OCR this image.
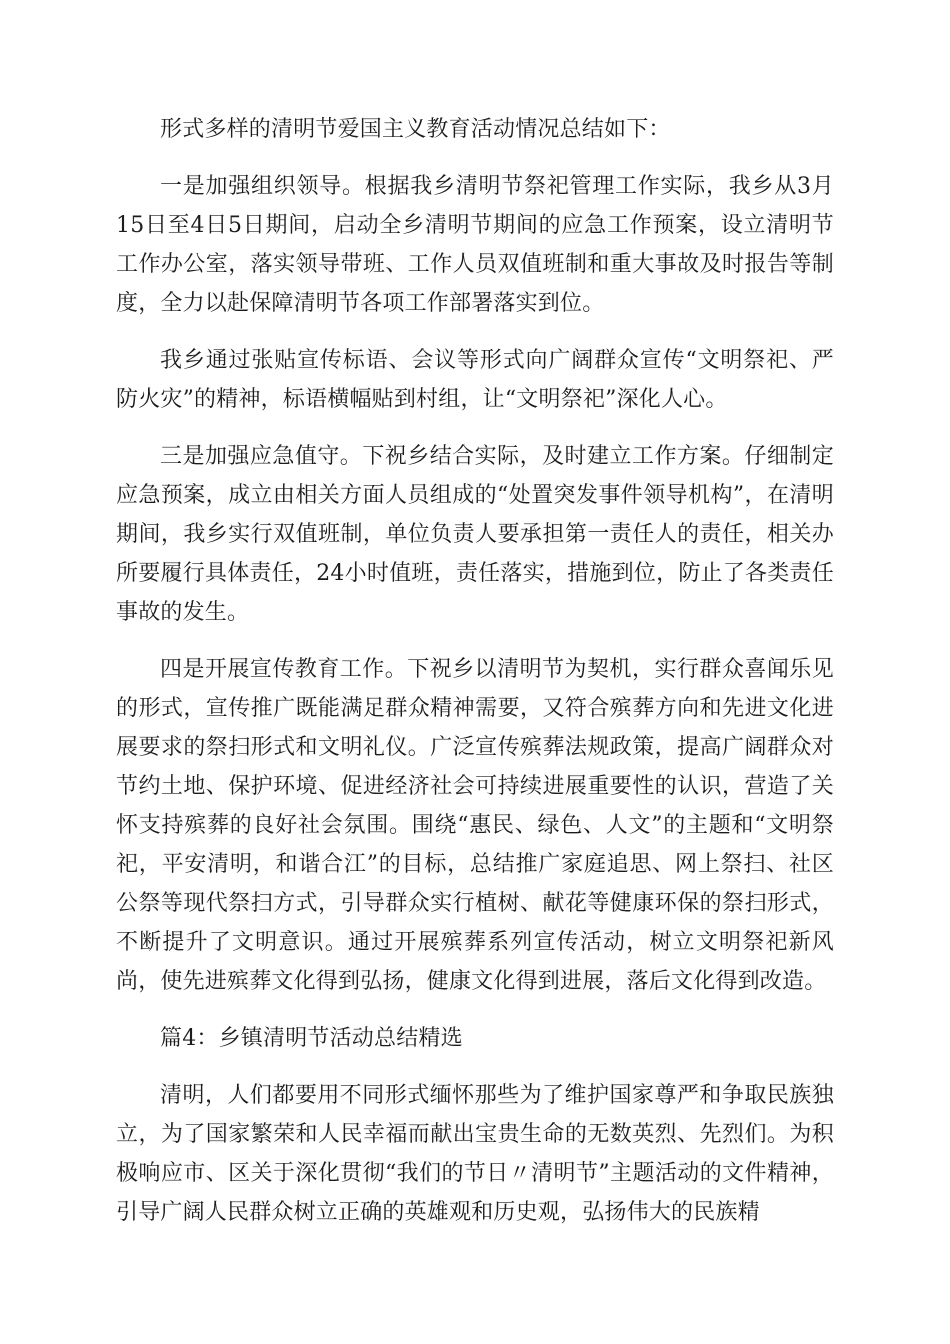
形式多样的清明节爱国主义教育活动情况总结如下：

一是加强组织领导。根据我乡清明节祭祀管理工作实际，我乡从3月15日至4日5日期间，启动全乡清明节期间的应急工作预案，设立清明节工作办公室，落实领导带班、工作人员双值班制和重大事故及时报告等制度，全力以赴保障清明节各项工作部署落实到位。

我乡通过张贴宣传标语、会议等形式向广阔群众宣传“文明祭祀、严防火灾”的精神，标语横幅贴到村组，让“文明祭祀”深化人心。

三是加强应急值守。下祝乡结合实际，及时建立工作方案。仔细制定应急预案，成立由相关方面人员组成的“处置突发事件领导机构”，在清明期间，我乡实行双值班制，单位负责人要承担第一责任人的责任，相关办所要履行具体责任，24小时值班，责任落实，措施到位，防止了各类责任事故的发生。

四是开展宣传教育工作。下祝乡以清明节为契机，实行群众喜闻乐见的形式，宣传推广既能满足群众精神需要，又符合殡葬方向和先进文化进展要求的祭扫形式和文明礼仪。广泛宣传殡葬法规政策，提高广阔群众对节约土地、保护环境、促进经济社会可持续进展重要性的认识，营造了关怀支持殡葬的良好社会氛围。围绕“惠民、绿色、人文”的主题和“文明祭祀，平安清明，和谐合江”的目标，总结推广家庭追思、网上祭扫、社区公祭等现代祭扫方式，引导群众实行植树、献花等健康环保的祭扫形式，不断提升了文明意识。通过开展殡葬系列宣传活动，树立文明祭祀新风尚，使先进殡葬文化得到弘扬，健康文化得到进展，落后文化得到改造。

篇4：乡镇清明节活动总结精选

清明，人们都要用不同形式缅怀那些为了维护国家尊严和争取民族独立，为了国家繁荣和人民幸福而献出宝贵生命的无数英烈、先烈们。为积极响应市、区关于深化贯彻“我们的节日〃清明节”主题活动的文件精神，引导广阔人民群众树立正确的英雄观和历史观，弘扬伟大的民族精
